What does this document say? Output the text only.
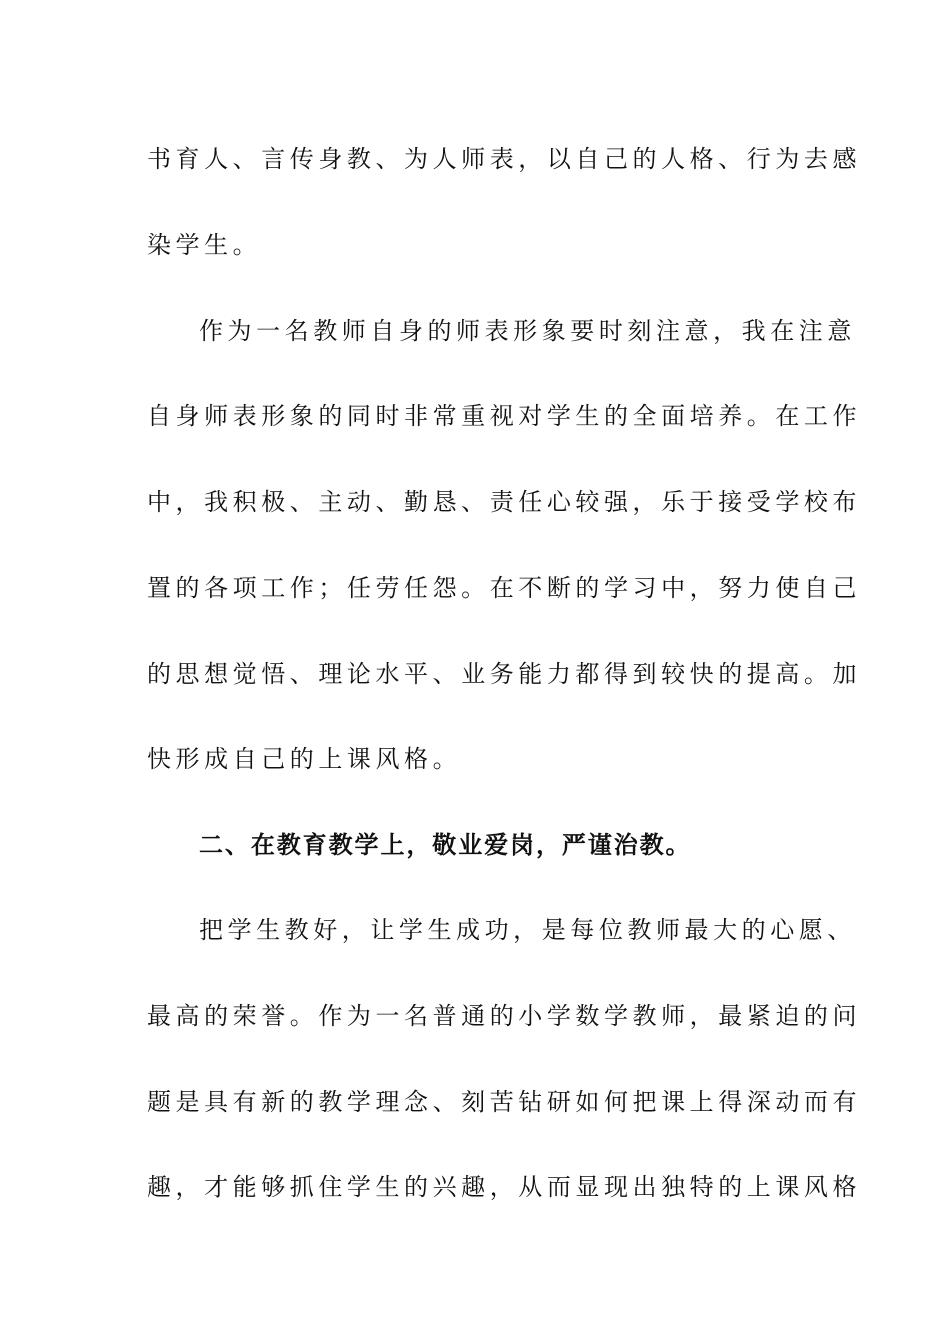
书育人、言传身教、为人师表，以自己的人格、行为去感
染学生。
作为一名教师自身的师表形象要时刻注意，我在注意
自身师表形象的同时非常重视对学生的全面培养。在工作
中，我积极、主动、勤恳、责任心较强，乐于接受学校布
置的各项工作；任劳任怨。在不断的学习中，努力使自己
的思想觉悟、理论水平、业务能力都得到较快的提高。加
快形成自己的上课风格。
二、在教育教学上，敬业爱岗，严谨治教。
把学生教好，让学生成功，是每位教师最大的心愿、
最高的荣誉。作为一名普通的小学数学教师，最紧迫的问
题是具有新的教学理念、刻苦钻研如何把课上得深动而有
趣，才能够抓住学生的兴趣，从而显现出独特的上课风格
